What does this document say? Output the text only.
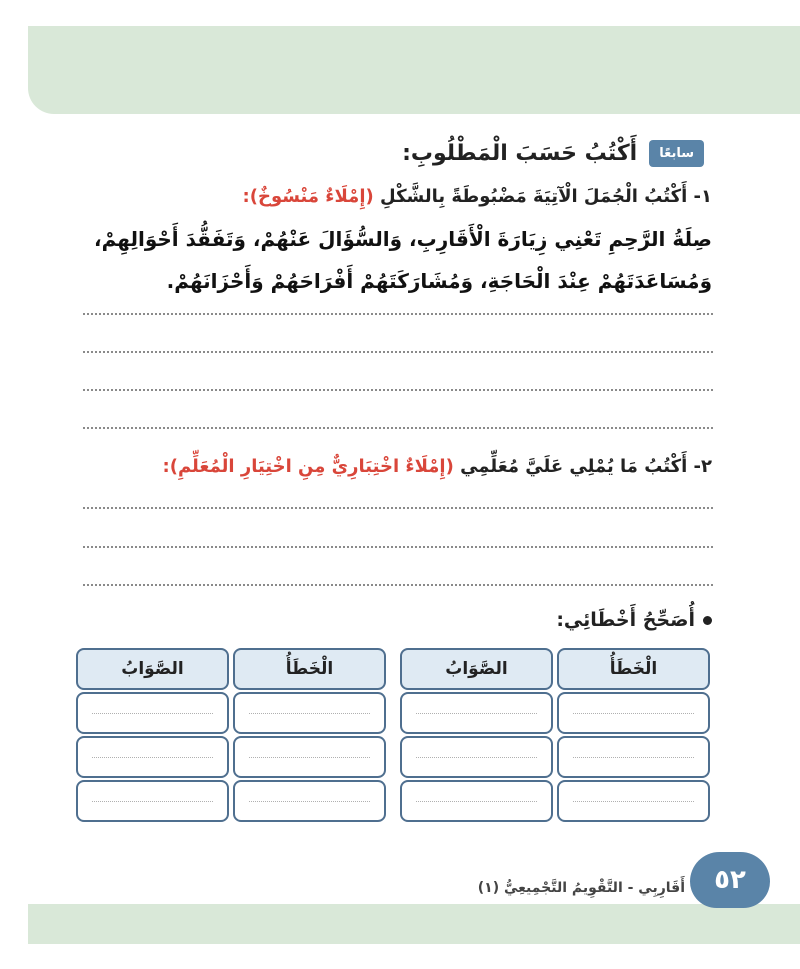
سابعًا
أَكْتُبُ حَسَبَ الْمَطْلُوبِ:
١- أَكْتُبُ الْجُمَلَ الْآتِيَةَ مَضْبُوطَةً بِالشَّكْلِ (إِمْلَاءٌ مَنْسُوخٌ):
صِلَةُ الرَّحِمِ تَعْنِي زِيَارَةَ الْأَقَارِبِ، وَالسُّؤَالَ عَنْهُمْ، وَتَفَقُّدَ أَحْوَالِهِمْ، وَمُسَاعَدَتَهُمْ عِنْدَ الْحَاجَةِ، وَمُشَارَكَتَهُمْ أَفْرَاحَهُمْ وَأَحْزَانَهُمْ.
٢- أَكْتُبُ مَا يُمْلِي عَلَيَّ مُعَلِّمِي (إِمْلَاءٌ اخْتِبَارِيٌّ مِنِ اخْتِيَارِ الْمُعَلِّمِ):
أُصَحِّحُ أَخْطَائِي:
الْخَطَأُ
الصَّوَابُ
الْخَطَأُ
الصَّوَابُ
٥٢
أَقَارِبِي - التَّقْوِيمُ التَّجْمِيعِيُّ (١)
